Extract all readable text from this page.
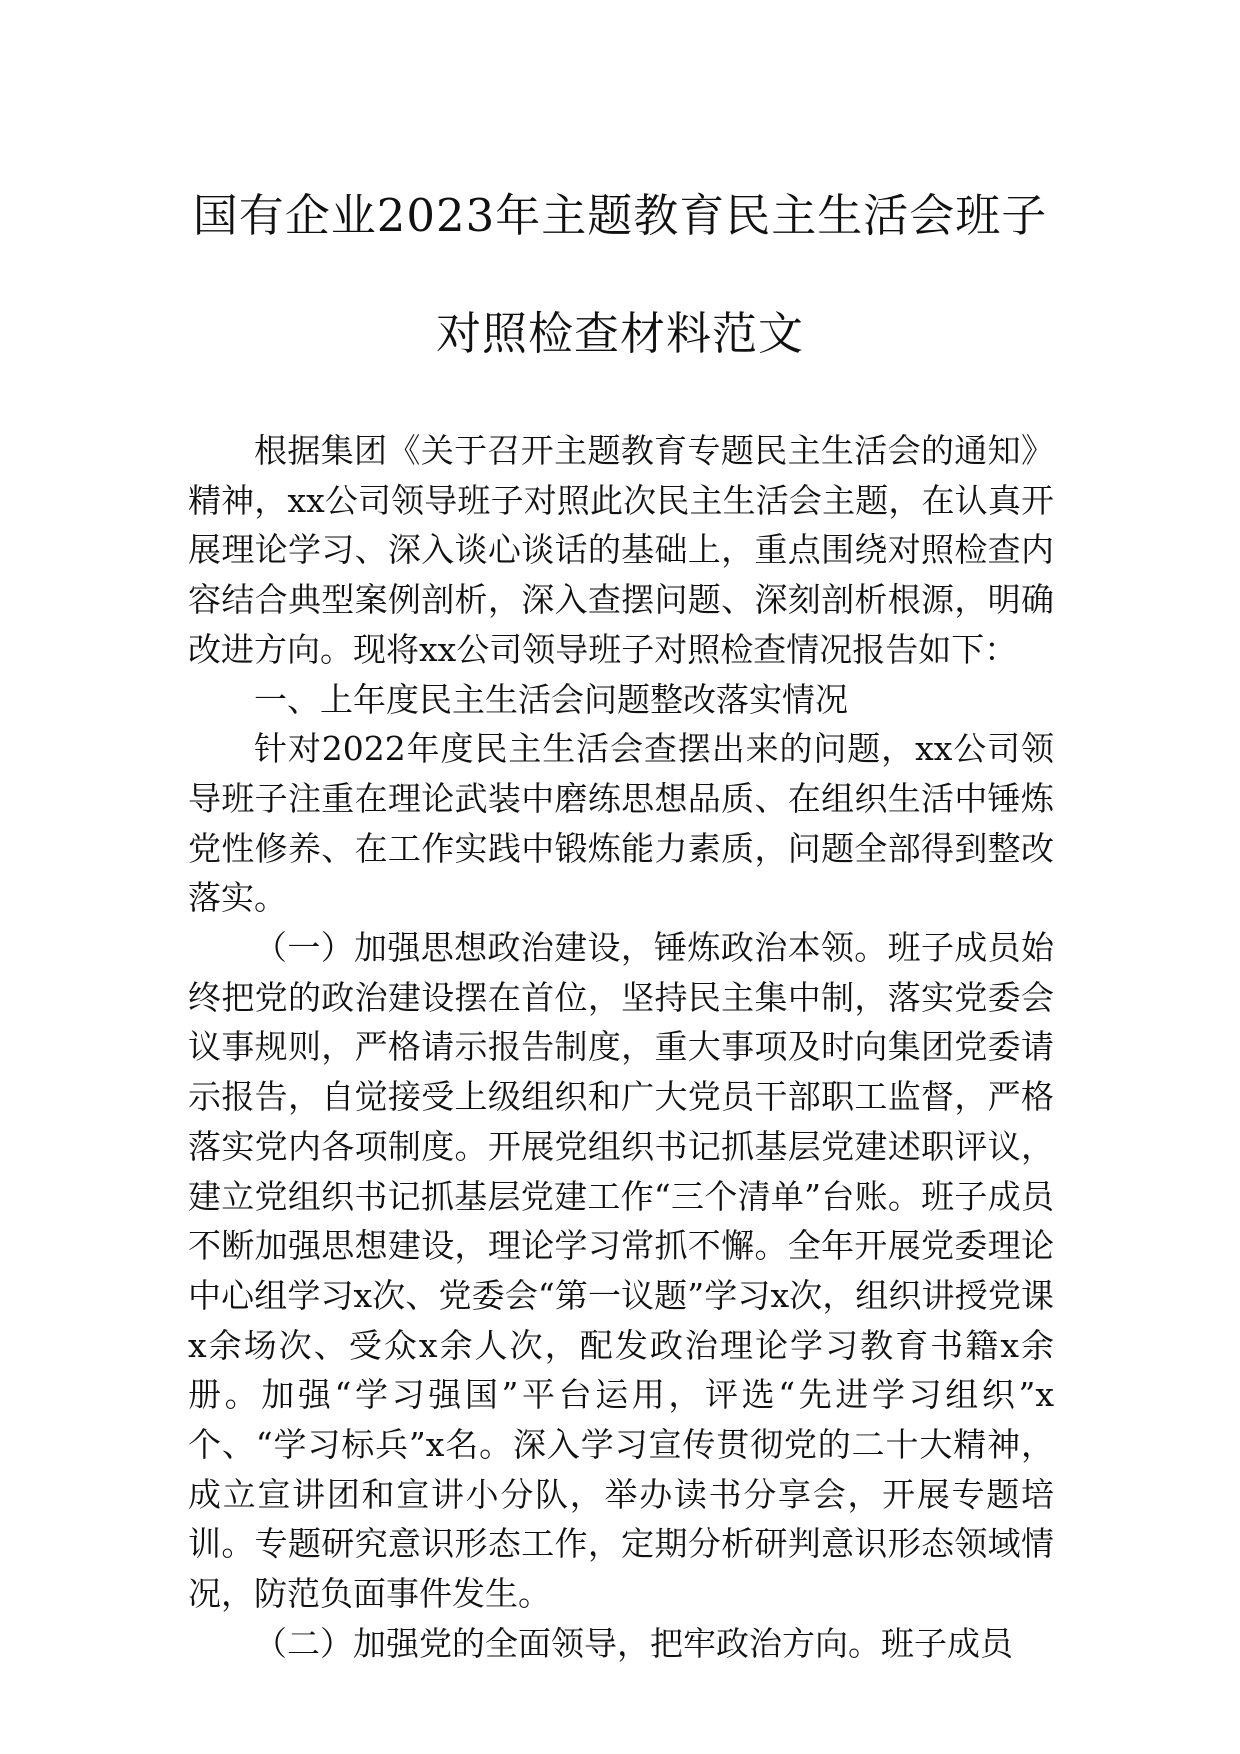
国有企业2023年主题教育民主生活会班子
对照检查材料范文

根据集团《关于召开主题教育专题民主生活会的通知》精神，xx公司领导班子对照此次民主生活会主题，在认真开展理论学习、深入谈心谈话的基础上，重点围绕对照检查内容结合典型案例剖析，深入查摆问题、深刻剖析根源，明确改进方向。现将xx公司领导班子对照检查情况报告如下：

一、上年度民主生活会问题整改落实情况

针对2022年度民主生活会查摆出来的问题，xx公司领导班子注重在理论武装中磨练思想品质、在组织生活中锤炼党性修养、在工作实践中锻炼能力素质，问题全部得到整改落实。

（一）加强思想政治建设，锤炼政治本领。班子成员始终把党的政治建设摆在首位，坚持民主集中制，落实党委会议事规则，严格请示报告制度，重大事项及时向集团党委请示报告，自觉接受上级组织和广大党员干部职工监督，严格落实党内各项制度。开展党组织书记抓基层党建述职评议，建立党组织书记抓基层党建工作“三个清单”台账。班子成员不断加强思想建设，理论学习常抓不懈。全年开展党委理论中心组学习x次、党委会“第一议题”学习x次，组织讲授党课x余场次、受众x余人次，配发政治理论学习教育书籍x余册。加强“学习强国”平台运用，评选“先进学习组织”x个、“学习标兵”x名。深入学习宣传贯彻党的二十大精神，成立宣讲团和宣讲小分队，举办读书分享会，开展专题培训。专题研究意识形态工作，定期分析研判意识形态领域情况，防范负面事件发生。

（二）加强党的全面领导，把牢政治方向。班子成员
